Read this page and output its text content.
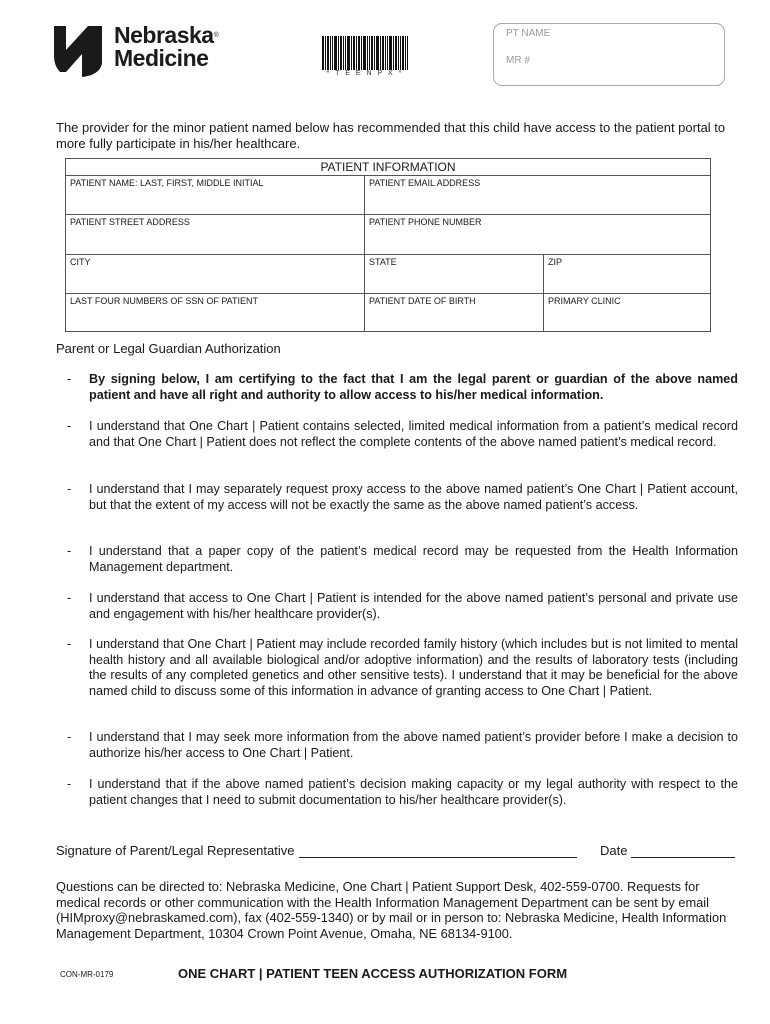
Nebraska®
Medicine
* T E E N P X *
PT NAME
MR #
The provider for the minor patient named below has recommended that this child have access to the patient portal to more fully participate in his/her healthcare.
PATIENT INFORMATION		
PATIENT NAME: LAST, FIRST, MIDDLE INITIAL	PATIENT EMAIL ADDRESS	
PATIENT STREET ADDRESS	PATIENT PHONE NUMBER	
CITY	STATE	ZIP
LAST FOUR NUMBERS OF SSN OF PATIENT	PATIENT DATE OF BIRTH	PRIMARY CLINIC
Parent or Legal Guardian Authorization
- By signing below, I am certifying to the fact that I am the legal parent or guardian of the above named patient and have all right and authority to allow access to his/her medical information.
- I understand that One Chart | Patient contains selected, limited medical information from a patient’s medical record and that One Chart | Patient does not reflect the complete contents of the above named patient’s medical record.
- I understand that I may separately request proxy access to the above named patient’s One Chart | Patient account, but that the extent of my access will not be exactly the same as the above named patient’s access.
- I understand that a paper copy of the patient’s medical record may be requested from the Health Information Management department.
- I understand that access to One Chart | Patient is intended for the above named patient’s personal and private use and engagement with his/her healthcare provider(s).
- I understand that One Chart | Patient may include recorded family history (which includes but is not limited to mental health history and all available biological and/or adoptive information) and the results of laboratory tests (including the results of any completed genetics and other sensitive tests). I understand that it may be beneficial for the above named child to discuss some of this information in advance of granting access to One Chart | Patient.
- I understand that I may seek more information from the above named patient’s provider before I make a decision to authorize his/her access to One Chart | Patient.
- I understand that if the above named patient’s decision making capacity or my legal authority with respect to the patient changes that I need to submit documentation to his/her healthcare provider(s).
Signature of Parent/Legal Representative	Date
Questions can be directed to: Nebraska Medicine, One Chart | Patient Support Desk, 402-559-0700. Requests for medical records or other communication with the Health Information Management Department can be sent by email (HIMproxy@nebraskamed.com), fax (402-559-1340) or by mail or in person to: Nebraska Medicine, Health Information Management Department, 10304 Crown Point Avenue, Omaha, NE 68134-9100.
CON-MR-0179	ONE CHART | PATIENT TEEN ACCESS AUTHORIZATION FORM
